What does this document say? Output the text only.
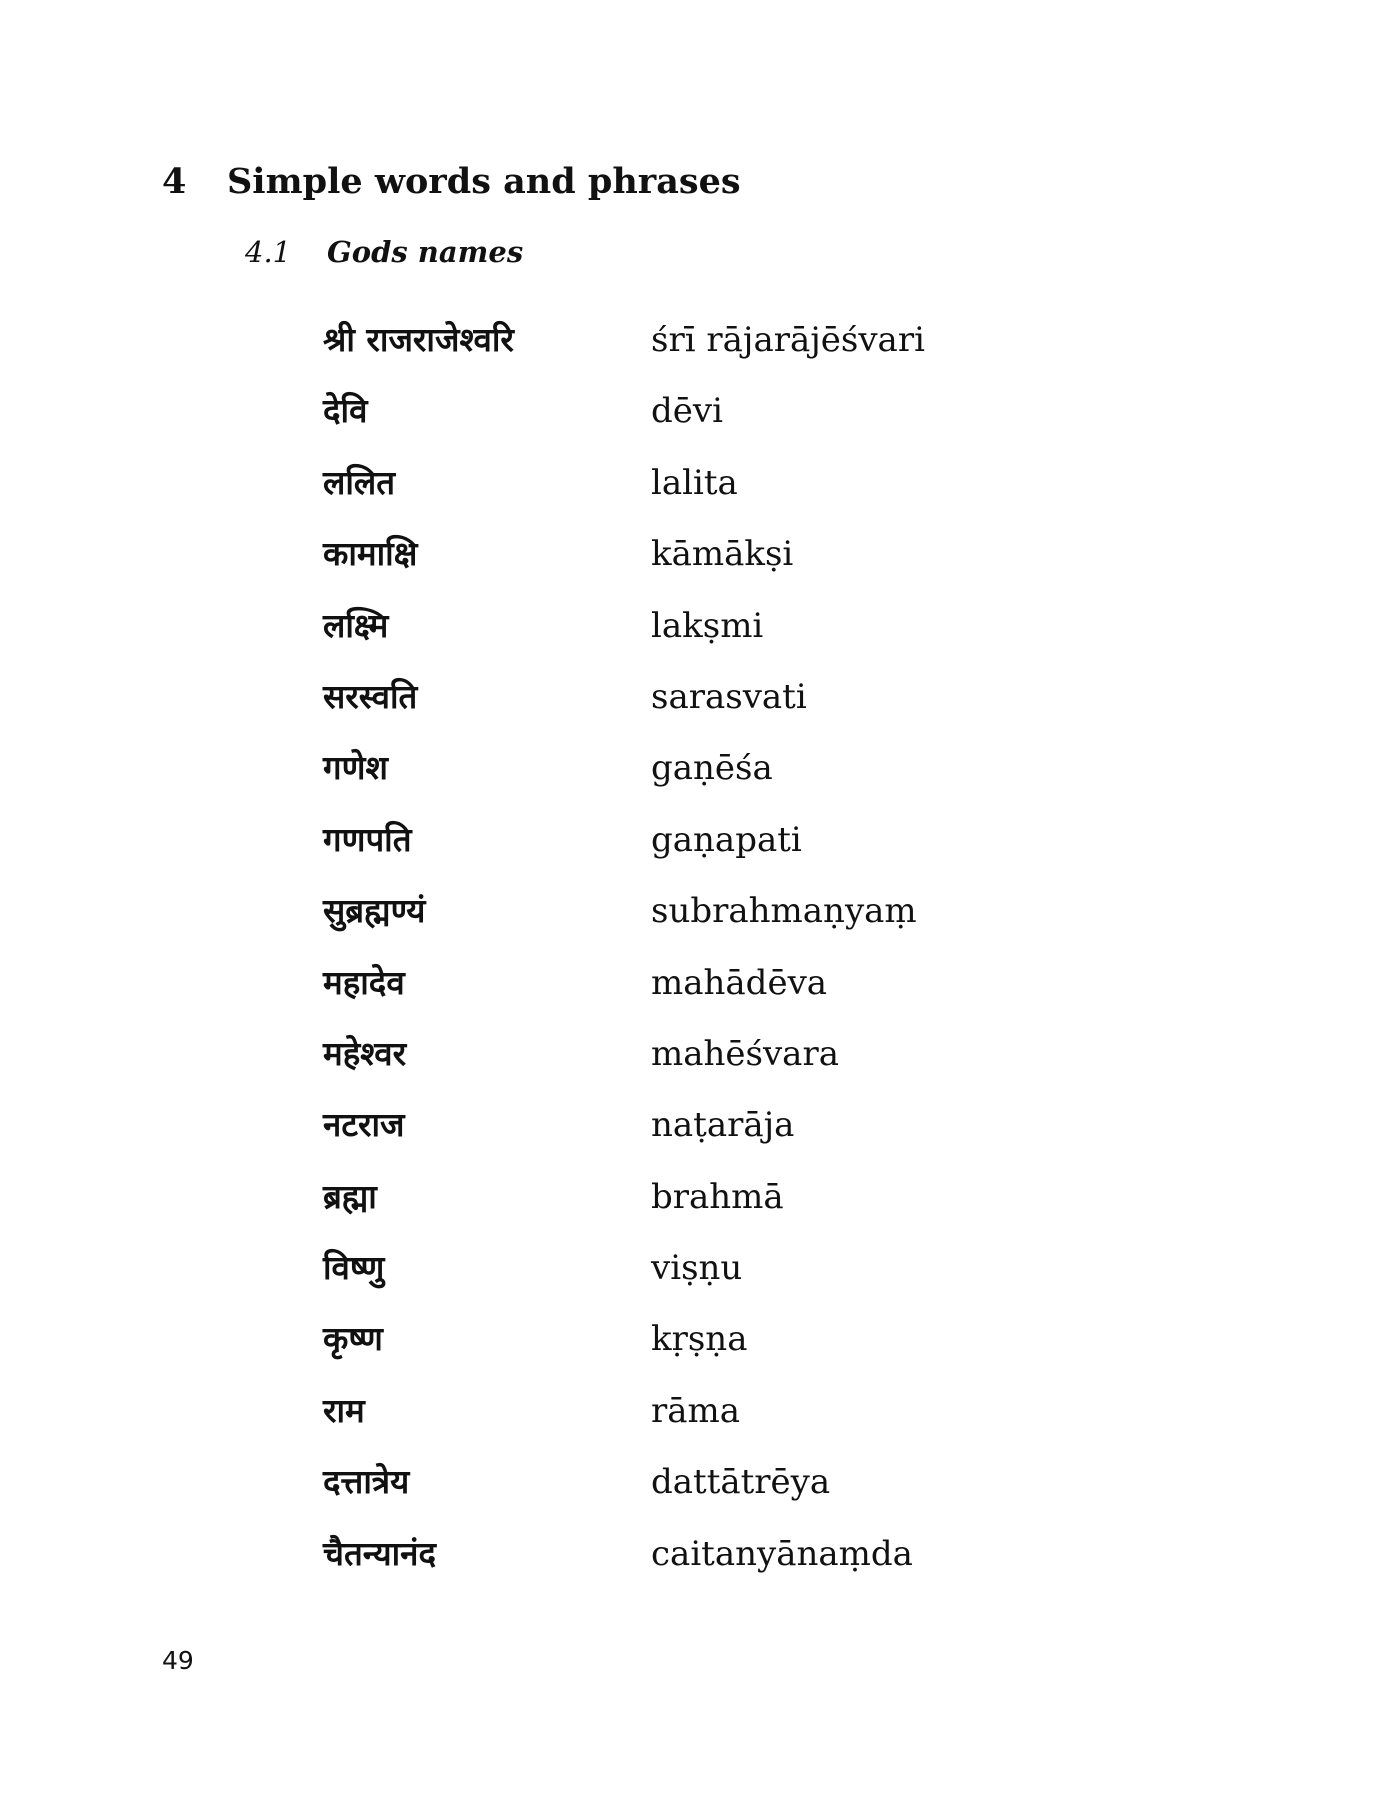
4 Simple words and phrases
4.1 Gods names
श्री राजराजेश्वरि	śrī rājarājēśvari
देवि	dēvi
ललित	lalita
कामाक्षि	kāmākṣi
लक्ष्मि	lakṣmi
सरस्वति	sarasvati
गणेश	gaṇēśa
गणपति	gaṇapati
सुब्रह्मण्यं	subrahmaṇyaṃ
महादेव	mahādēva
महेश्वर	mahēśvara
नटराज	naṭarāja
ब्रह्मा	brahmā
विष्णु	viṣṇu
कृष्ण	kṛṣṇa
राम	rāma
दत्तात्रेय	dattātrēya
चैतन्यानंद	caitanyānaṃda
49
